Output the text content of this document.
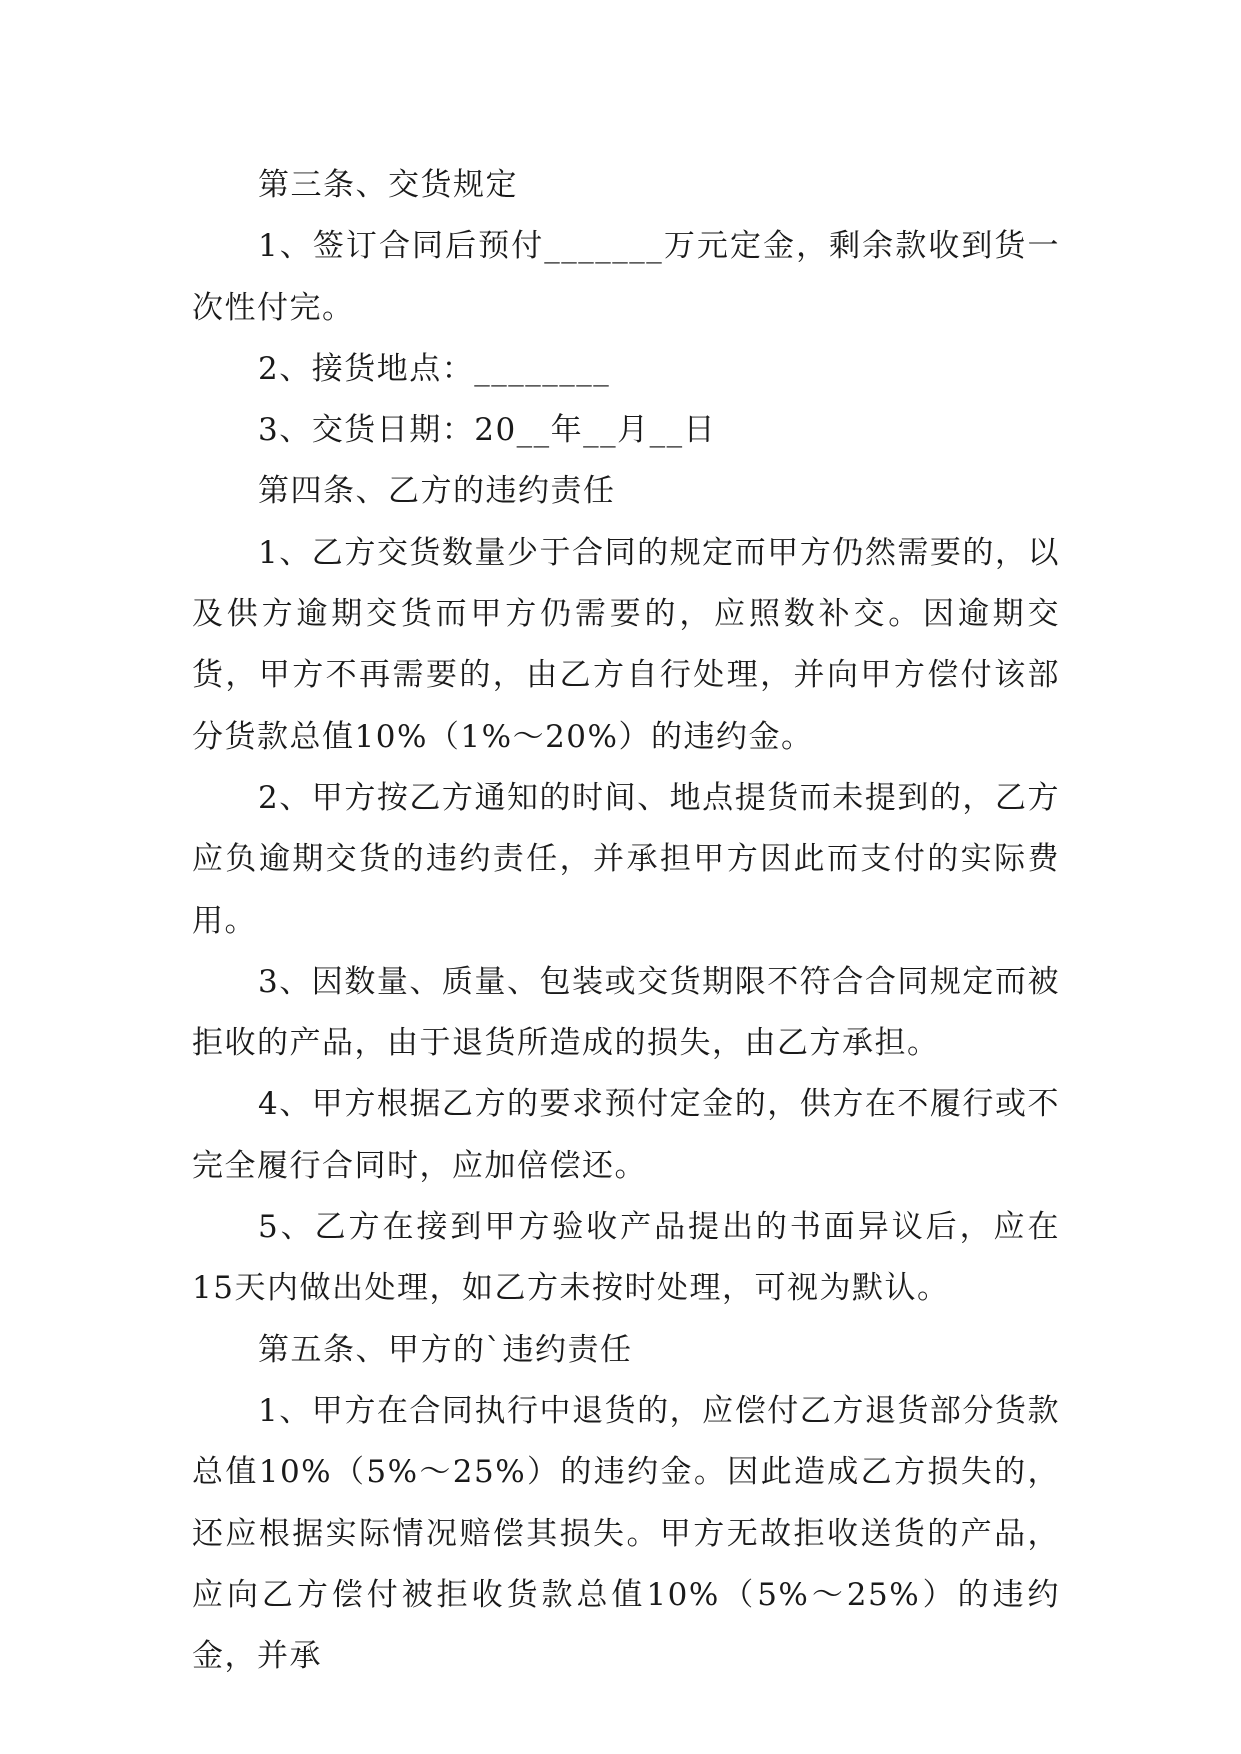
第三条、交货规定

1、签订合同后预付_______万元定金，剩余款收到货一次性付完。

2、接货地点：________

3、交货日期：20__年__月__日

第四条、乙方的违约责任

1、乙方交货数量少于合同的规定而甲方仍然需要的，以及供方逾期交货而甲方仍需要的，应照数补交。因逾期交货，甲方不再需要的，由乙方自行处理，并向甲方偿付该部分货款总值10%（1%～20%）的违约金。

2、甲方按乙方通知的时间、地点提货而未提到的，乙方应负逾期交货的违约责任，并承担甲方因此而支付的实际费用。

3、因数量、质量、包装或交货期限不符合合同规定而被拒收的产品，由于退货所造成的损失，由乙方承担。

4、甲方根据乙方的要求预付定金的，供方在不履行或不完全履行合同时，应加倍偿还。

5、乙方在接到甲方验收产品提出的书面异议后，应在15天内做出处理，如乙方未按时处理，可视为默认。

第五条、甲方的`违约责任

1、甲方在合同执行中退货的，应偿付乙方退货部分货款总值10%（5%～25%）的违约金。因此造成乙方损失的，还应根据实际情况赔偿其损失。甲方无故拒收送货的产品，应向乙方偿付被拒收货款总值10%（5%～25%）的违约金，并承
